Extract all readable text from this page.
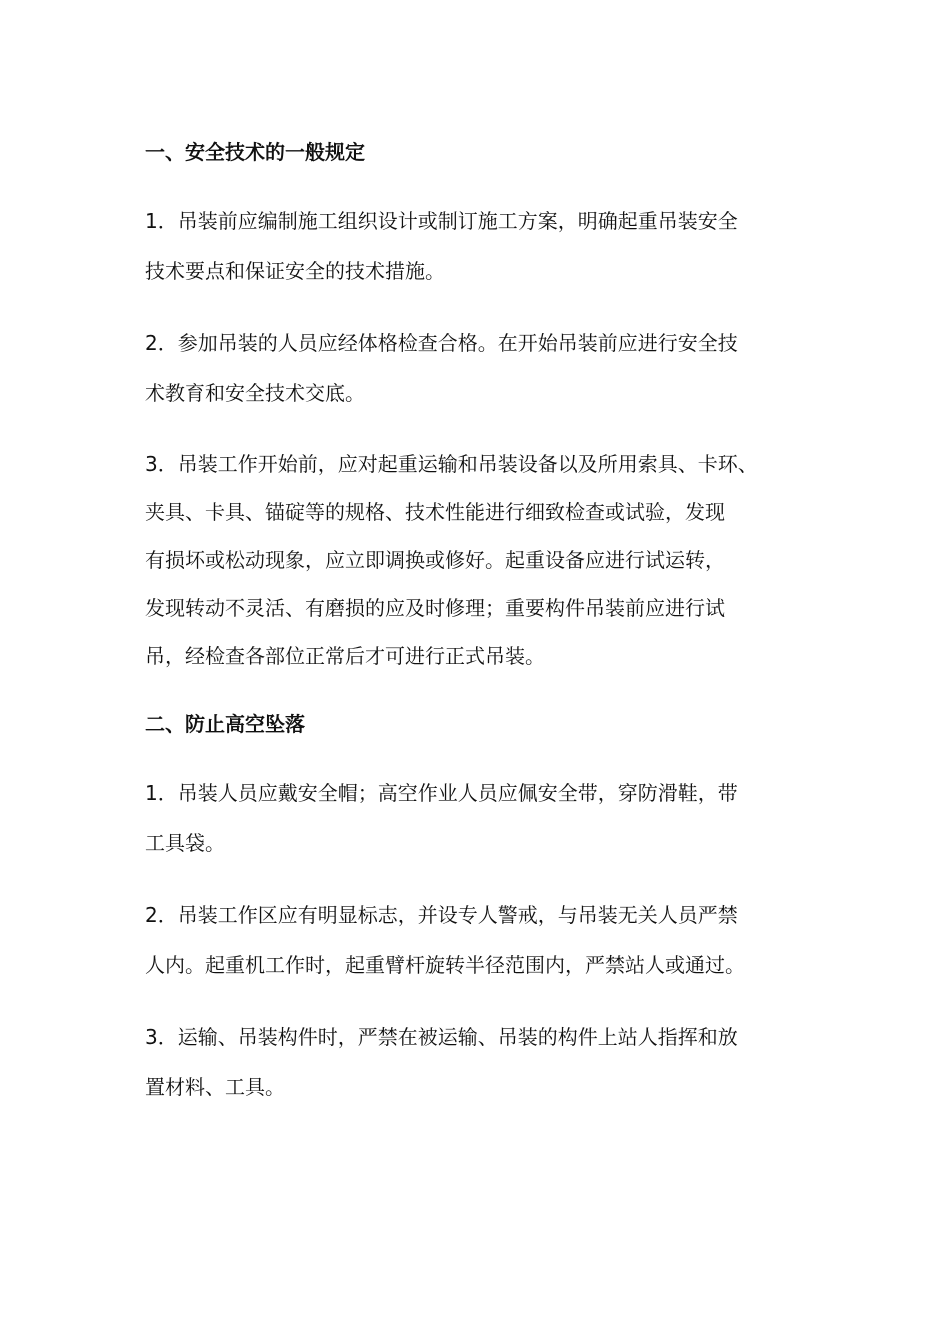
一、安全技术的一般规定
1．吊装前应编制施工组织设计或制订施工方案，明确起重吊装安全
技术要点和保证安全的技术措施。
2．参加吊装的人员应经体格检查合格。在开始吊装前应进行安全技
术教育和安全技术交底。
3．吊装工作开始前，应对起重运输和吊装设备以及所用索具、卡环、
夹具、卡具、锚碇等的规格、技术性能进行细致检查或试验，发现
有损坏或松动现象，应立即调换或修好。起重设备应进行试运转，
发现转动不灵活、有磨损的应及时修理；重要构件吊装前应进行试
吊，经检查各部位正常后才可进行正式吊装。
二、防止高空坠落
1．吊装人员应戴安全帽；高空作业人员应佩安全带，穿防滑鞋，带
工具袋。
2．吊装工作区应有明显标志，并设专人警戒，与吊装无关人员严禁
人内。起重机工作时，起重臂杆旋转半径范围内，严禁站人或通过。
3．运输、吊装构件时，严禁在被运输、吊装的构件上站人指挥和放
置材料、工具。
